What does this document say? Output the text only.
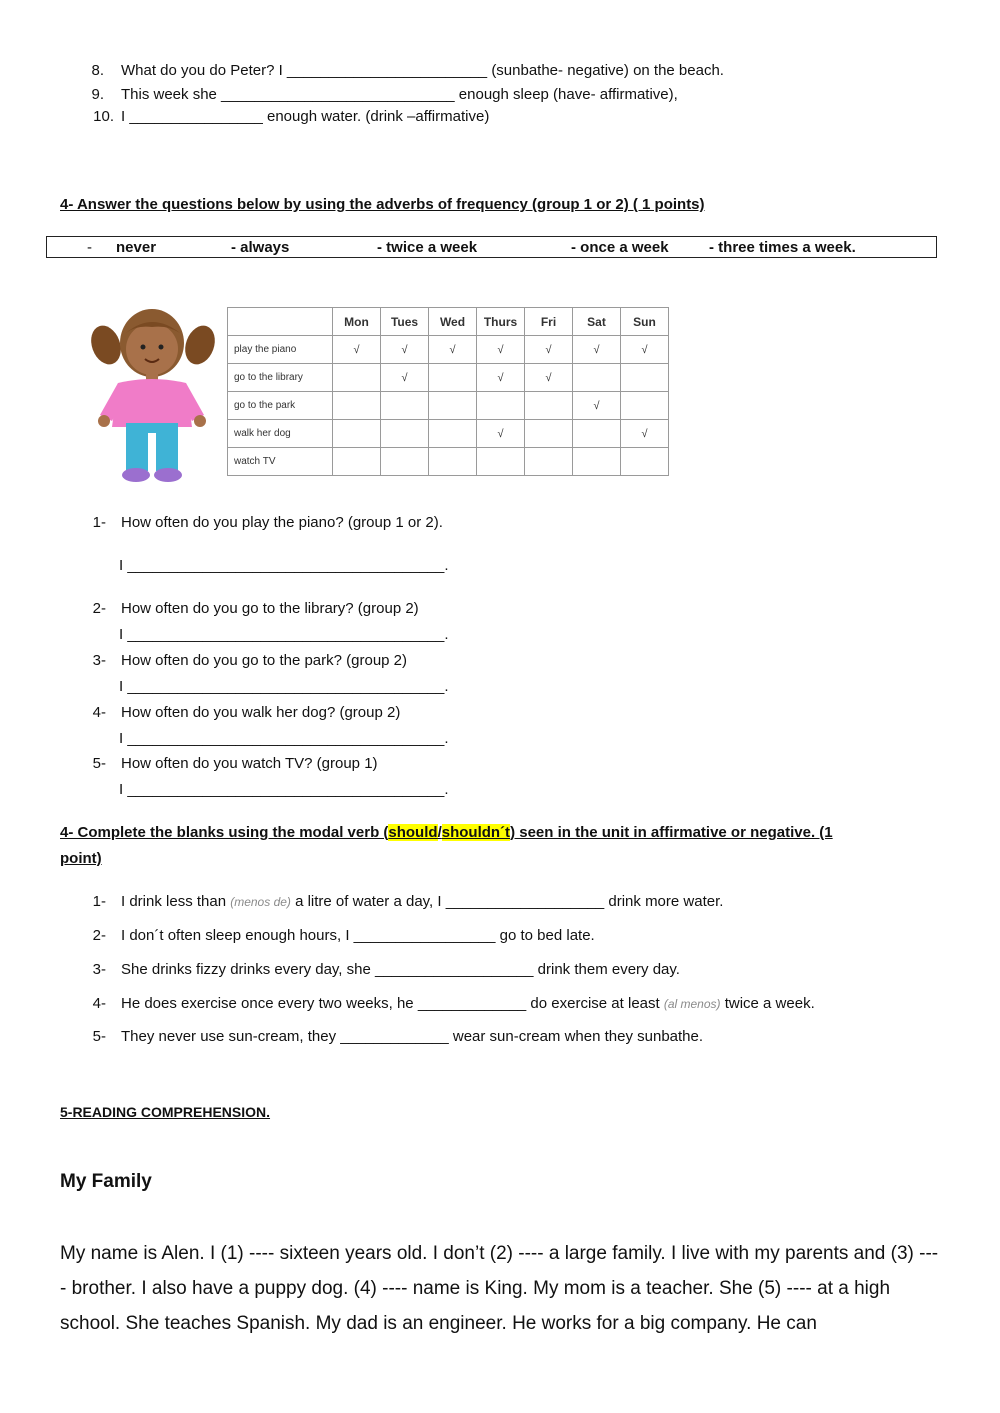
8. What do you do Peter? I ________________________ (sunbathe- negative) on the beach.
9. This week she ____________________________ enough sleep (have- affirmative),
10. I ________________ enough water. (drink –affirmative)
4- Answer the questions below by using the adverbs of frequency (group 1 or 2) ( 1 points)
- never	- always	- twice a week	- once a week	- three times a week.
	Mon	Tues	Wed	Thurs	Fri	Sat	Sun
play the piano	√	√	√	√	√	√	√
go to the library		√		√	√		
go to the park						√	
walk her dog				√			√
watch TV							
1- How often do you play the piano? (group 1 or 2).
I ______________________________________.
2- How often do you go to the library? (group 2)
I ______________________________________.
3- How often do you go to the park? (group 2)
I ______________________________________.
4- How often do you walk her dog? (group 2)
I ______________________________________.
5- How often do you watch TV? (group 1)
I ______________________________________.
4- Complete the blanks using the modal verb (should/shouldn´t) seen in the unit in affirmative or negative. (1
point)
1- I drink less than (menos de) a litre of water a day, I ___________________ drink more water.
2- I don´t often sleep enough hours, I _________________ go to bed late.
3- She drinks fizzy drinks every day, she ___________________ drink them every day.
4- He does exercise once every two weeks, he _____________ do exercise at least (al menos) twice a week.
5- They never use sun-cream, they _____________ wear sun-cream when they sunbathe.
5-READING COMPREHENSION.
My Family
My name is Alen. I (1) ---- sixteen years old. I don’t (2) ---- a large family. I live with my parents and (3) ---- brother. I also have a puppy dog. (4) ---- name is King. My mom is a teacher. She (5) ---- at a high school. She teaches Spanish. My dad is an engineer. He works for a big company. He can
